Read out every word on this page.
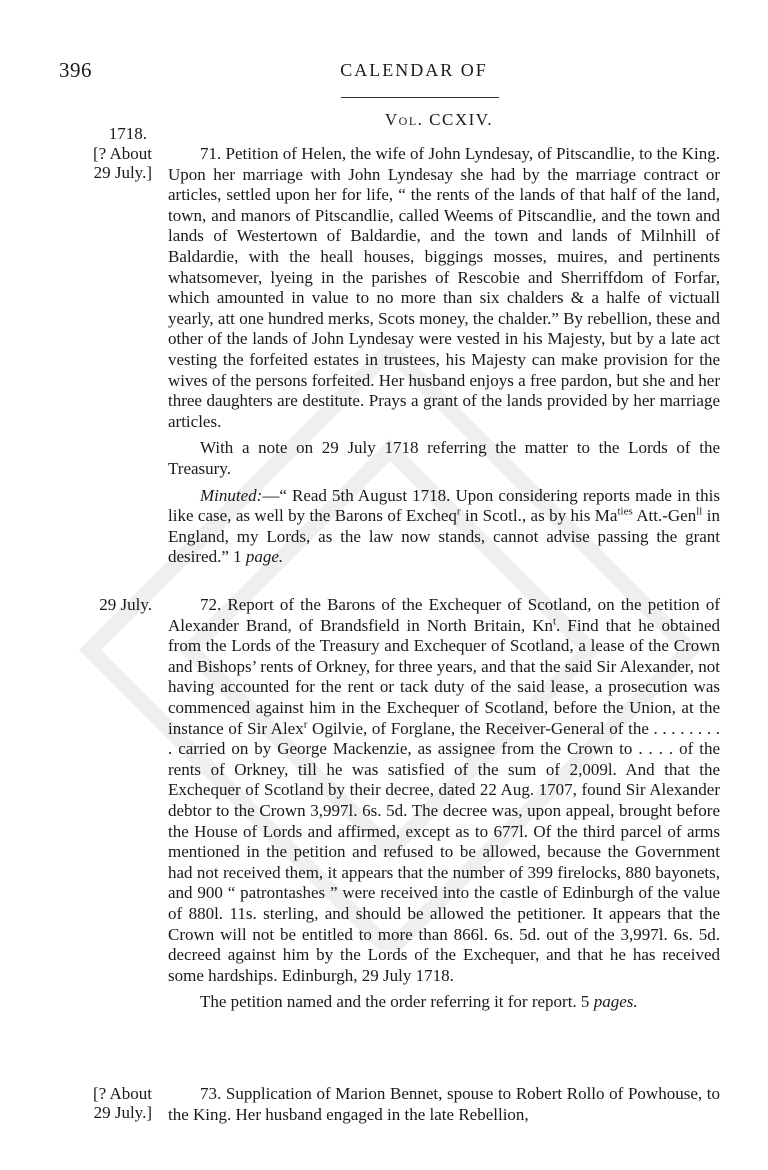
396	CALENDAR OF
Vol. CCXIV.
1718.
[? About
29 July.]
29 July.
[? About
29 July.]

71. Petition of Helen, the wife of John Lyndesay, of Pitscandlie, to the King. Upon her marriage with John Lyndesay she had by the marriage contract or articles, settled upon her for life, “ the rents of the lands of that half of the land, town, and manors of Pitscandlie, called Weems of Pitscandlie, and the town and lands of Westertown of Baldardie, and the town and lands of Milnhill of Baldardie, with the heall houses, biggings mosses, muires, and pertinents whatsomever, lyeing in the parishes of Rescobie and Sherriffdom of Forfar, which amounted in value to no more than six chalders & a halfe of victuall yearly, att one hundred merks, Scots money, the chalder.” By rebellion, these and other of the lands of John Lyndesay were vested in his Majesty, but by a late act vesting the forfeited estates in trustees, his Majesty can make provision for the wives of the persons forfeited. Her husband enjoys a free pardon, but she and her three daughters are destitute. Prays a grant of the lands provided by her marriage articles.

With a note on 29 July 1718 referring the matter to the Lords of the Treasury.

Minuted:—“ Read 5th August 1718. Upon considering reports made in this like case, as well by the Barons of Excheq$^r$ in Scotl., as by his $Ma^{ties}$ Att.-Gen$^{ll}$ in England, my Lords, as the law now stands, cannot advise passing the grant desired.” 1 page.

72. Report of the Barons of the Exchequer of Scotland, on the petition of Alexander Brand, of Brandsfield in North Britain, Kn$^t$. Find that he obtained from the Lords of the Treasury and Exchequer of Scotland, a lease of the Crown and Bishops’ rents of Orkney, for three years, and that the said Sir Alexander, not having accounted for the rent or tack duty of the said lease, a prosecution was commenced against him in the Exchequer of Scotland, before the Union, at the instance of Sir Alex$^r$ Ogilvie, of Forglane, the Receiver-General of the . . . . . . . . . carried on by George Mackenzie, as assignee from the Crown to . . . . of the rents of Orkney, till he was satisfied of the sum of 2,009l. And that the Exchequer of Scotland by their decree, dated 22 Aug. 1707, found Sir Alexander debtor to the Crown 3,997l. 6s. 5d. The decree was, upon appeal, brought before the House of Lords and affirmed, except as to 677l. Of the third parcel of arms mentioned in the petition and refused to be allowed, because the Government had not received them, it appears that the number of 399 firelocks, 880 bayonets, and 900 “ patrontashes ” were received into the castle of Edinburgh of the value of 880l. 11s. sterling, and should be allowed the petitioner. It appears that the Crown will not be entitled to more than 866l. 6s. 5d. out of the 3,997l. 6s. 5d. decreed against him by the Lords of the Exchequer, and that he has received some hardships. Edinburgh, 29 July 1718.

The petition named and the order referring it for report. 5 pages.

73. Supplication of Marion Bennet, spouse to Robert Rollo of Powhouse, to the King. Her husband engaged in the late Rebellion,
